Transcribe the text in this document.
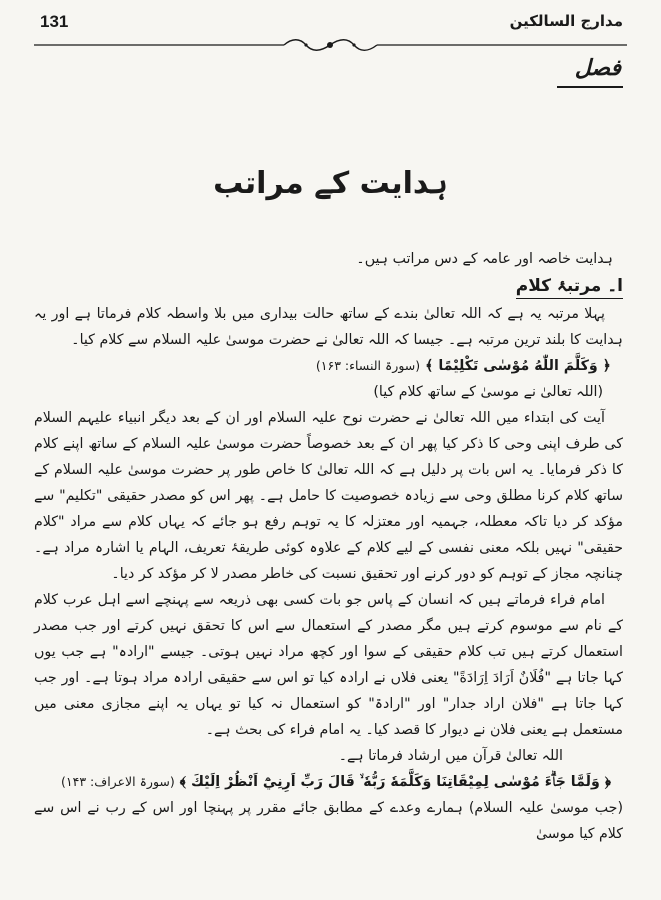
131	مدارج السالکین
فصل
ہدایت کے مراتب

ہدایت خاصہ اور عامہ کے دس مراتب ہیں۔

ا۔ مرتبۂ کلام

پہلا مرتبہ یہ ہے کہ اللہ تعالیٰ بندے کے ساتھ حالت بیداری میں بلا واسطہ کلام فرماتا ہے اور یہ ہدایت کا بلند ترین مرتبہ ہے۔ جیسا کہ اللہ تعالیٰ نے حضرت موسیٰ علیہ السلام سے کلام کیا۔

﴿ وَكَلَّمَ اللّٰهُ مُوْسٰى تَكْلِيْمًا ﴾ (سورۃ النساء: ۱۶۳)

(اللہ تعالیٰ نے موسیٰ کے ساتھ کلام کیا)

آیت کی ابتداء میں اللہ تعالیٰ نے حضرت نوح علیہ السلام اور ان کے بعد دیگر انبیاء علیہم السلام کی طرف اپنی وحی کا ذکر کیا پھر ان کے بعد خصوصاً حضرت موسیٰ علیہ السلام کے ساتھ اپنے کلام کا ذکر فرمایا۔ یہ اس بات پر دلیل ہے کہ اللہ تعالیٰ کا خاص طور پر حضرت موسیٰ علیہ السلام کے ساتھ کلام کرنا مطلق وحی سے زیادہ خصوصیت کا حامل ہے۔ پھر اس کو مصدر حقیقی "تکلیم" سے مؤکد کر دیا تاکہ معطلہ، جہمیہ اور معتزلہ کا یہ توہم رفع ہو جائے کہ یہاں کلام سے مراد "کلام حقیقی" نہیں بلکہ معنی نفسی کے لیے کلام کے علاوہ کوئی طریقۂ تعریف، الہام یا اشارہ مراد ہے۔ چنانچہ مجاز کے توہم کو دور کرنے اور تحقیق نسبت کی خاطر مصدر لا کر مؤکد کر دیا۔

امام فراء فرماتے ہیں کہ انسان کے پاس جو بات کسی بھی ذریعہ سے پہنچے اسے اہل عرب کلام کے نام سے موسوم کرتے ہیں مگر مصدر کے استعمال سے اس کا تحقق نہیں کرتے اور جب مصدر استعمال کرتے ہیں تب کلام حقیقی کے سوا اور کچھ مراد نہیں ہوتی۔ جیسے "ارادہ" ہے جب یوں کہا جاتا ہے "فُلَانٌ اَرَادَ اِرَادَةً" یعنی فلاں نے ارادہ کیا تو اس سے حقیقی ارادہ مراد ہوتا ہے۔ اور جب کہا جاتا ہے "فلان اراد جدار" اور "ارادۃ" کو استعمال نہ کیا تو یہاں یہ اپنے مجازی معنی میں مستعمل ہے یعنی فلان نے دیوار کا قصد کیا۔ یہ امام فراء کی بحث ہے۔

اللہ تعالیٰ قرآن میں ارشاد فرماتا ہے۔

﴿ وَلَمَّا جَاۗءَ مُوْسٰى لِمِيْقَاتِنَا وَكَلَّمَهٗ رَبُّهٗ ۙ قَالَ رَبِّ اَرِنِيْٓ اَنْظُرْ اِلَيْكَ ﴾ (سورۃ الاعراف: ۱۴۳)

(جب موسیٰ علیہ السلام) ہمارے وعدے کے مطابق جائے مقرر پر پہنچا اور اس کے رب نے اس سے کلام کیا موسیٰ
